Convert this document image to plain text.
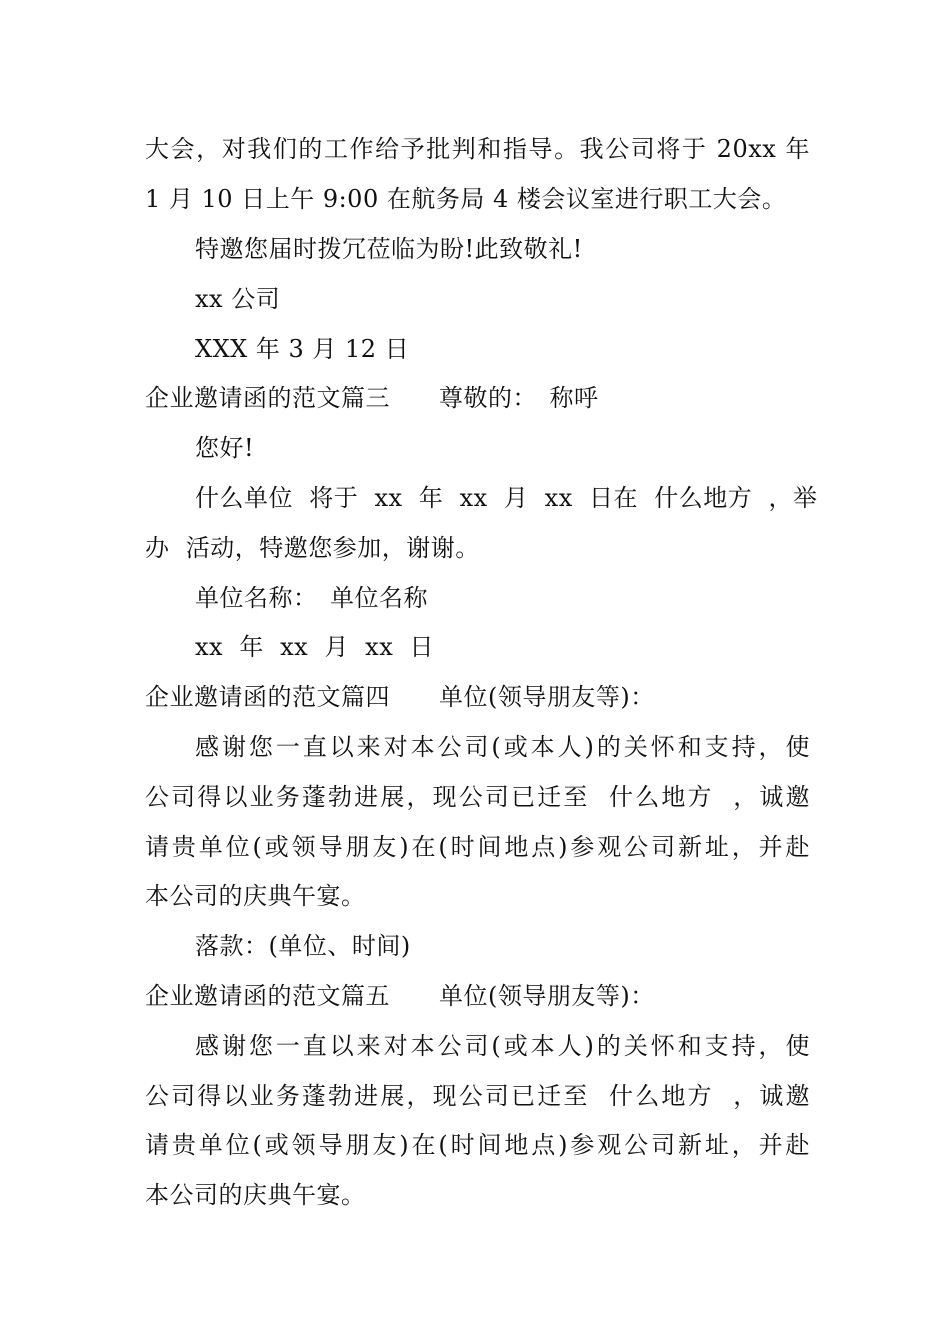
大会，对我们的工作给予批判和指导。我公司将于 20xx 年
1 月 10 日上午 9:00 在航务局 4 楼会议室进行职工大会。
特邀您届时拨冗莅临为盼!此致敬礼!
xx 公司
XXX 年 3 月 12 日
企业邀请函的范文篇三　　尊敬的：　称呼
您好!
什么单位  将于  xx  年  xx  月  xx  日在  什么地方  ，举
办  活动，特邀您参加，谢谢。
单位名称：　单位名称
xx  年  xx  月  xx  日
企业邀请函的范文篇四　　单位(领导朋友等)：
感谢您一直以来对本公司(或本人)的关怀和支持，使
公司得以业务蓬勃进展，现公司已迁至  什么地方  ，诚邀
请贵单位(或领导朋友)在(时间地点)参观公司新址，并赴
本公司的庆典午宴。
落款：(单位、时间)
企业邀请函的范文篇五　　单位(领导朋友等)：
感谢您一直以来对本公司(或本人)的关怀和支持，使
公司得以业务蓬勃进展，现公司已迁至  什么地方  ，诚邀
请贵单位(或领导朋友)在(时间地点)参观公司新址，并赴
本公司的庆典午宴。
